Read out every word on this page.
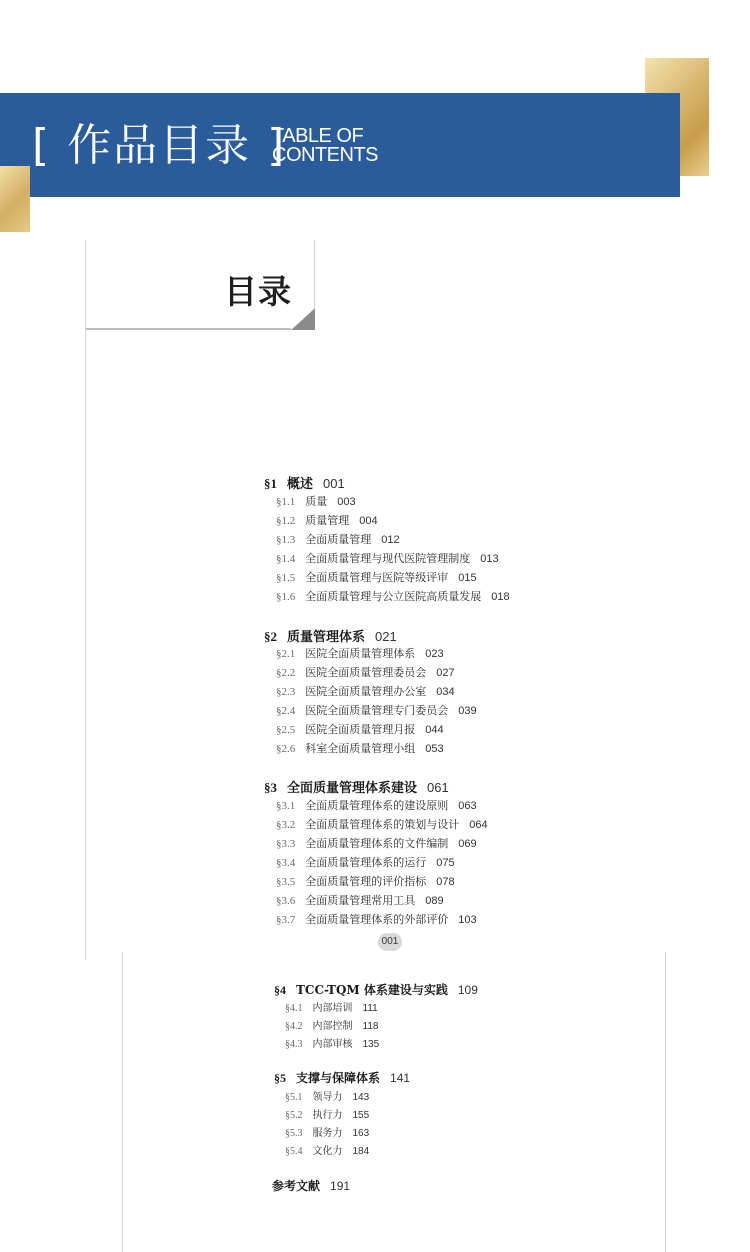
[ 作品目录 ]
TABLE OF
CONTENTS
目录
§1 概述 001
§1.1 质量 003
§1.2 质量管理 004
§1.3 全面质量管理 012
§1.4 全面质量管理与现代医院管理制度 013
§1.5 全面质量管理与医院等级评审 015
§1.6 全面质量管理与公立医院高质量发展 018
§2 质量管理体系 021
§2.1 医院全面质量管理体系 023
§2.2 医院全面质量管理委员会 027
§2.3 医院全面质量管理办公室 034
§2.4 医院全面质量管理专门委员会 039
§2.5 医院全面质量管理月报 044
§2.6 科室全面质量管理小组 053
§3 全面质量管理体系建设 061
§3.1 全面质量管理体系的建设原则 063
§3.2 全面质量管理体系的策划与设计 064
§3.3 全面质量管理体系的文件编制 069
§3.4 全面质量管理体系的运行 075
§3.5 全面质量管理的评价指标 078
§3.6 全面质量管理常用工具 089
§3.7 全面质量管理体系的外部评价 103
001
§4 TCC-TQM 体系建设与实践 109
§4.1 内部培训 111
§4.2 内部控制 118
§4.3 内部审核 135
§5 支撑与保障体系 141
§5.1 领导力 143
§5.2 执行力 155
§5.3 服务力 163
§5.4 文化力 184
参考文献 191
